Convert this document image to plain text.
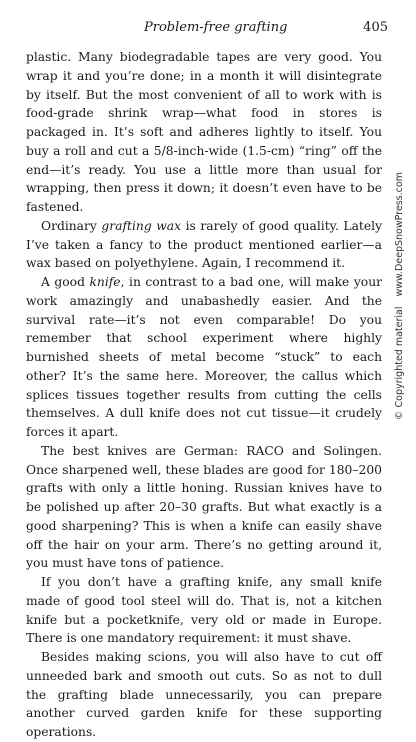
Problem-free grafting	405

plastic. Many biodegradable tapes are very good. You wrap it and you’re done; in a month it will disintegrate by itself. But the most convenient of all to work with is food-grade shrink wrap—what food in stores is packaged in. It’s soft and adheres lightly to itself. You buy a roll and cut a 5/8-inch-wide (1.5-cm) “ring” off the end—it’s ready. You use a little more than usual for wrapping, then press it down; it doesn’t even have to be fastened.

Ordinary grafting wax is rarely of good quality. Lately I’ve taken a fancy to the product mentioned earlier—a wax based on polyethylene. Again, I recommend it.

A good knife, in contrast to a bad one, will make your work amazingly and unabashedly easier. And the survival rate—it’s not even comparable! Do you remember that school experiment where highly burnished sheets of metal become “stuck” to each other? It’s the same here. Moreover, the callus which splices tissues together results from cutting the cells themselves. A dull knife does not cut tissue—it crudely forces it apart.

The best knives are German: RACO and Solingen. Once sharpened well, these blades are good for 180–200 grafts with only a little honing. Russian knives have to be polished up after 20–30 grafts. But what exactly is a good sharpening? This is when a knife can easily shave off the hair on your arm. There’s no getting around it, you must have tons of patience.

If you don’t have a grafting knife, any small knife made of good tool steel will do. That is, not a kitchen knife but a pocketknife, very old or made in Europe. There is one mandatory requirement: it must shave.

Besides making scions, you will also have to cut off unneeded bark and smooth out cuts. So as not to dull the grafting blade unnecessarily, you can prepare another curved garden knife for these supporting operations.

© Copyrighted materialwww.DeepSnowPress.com
